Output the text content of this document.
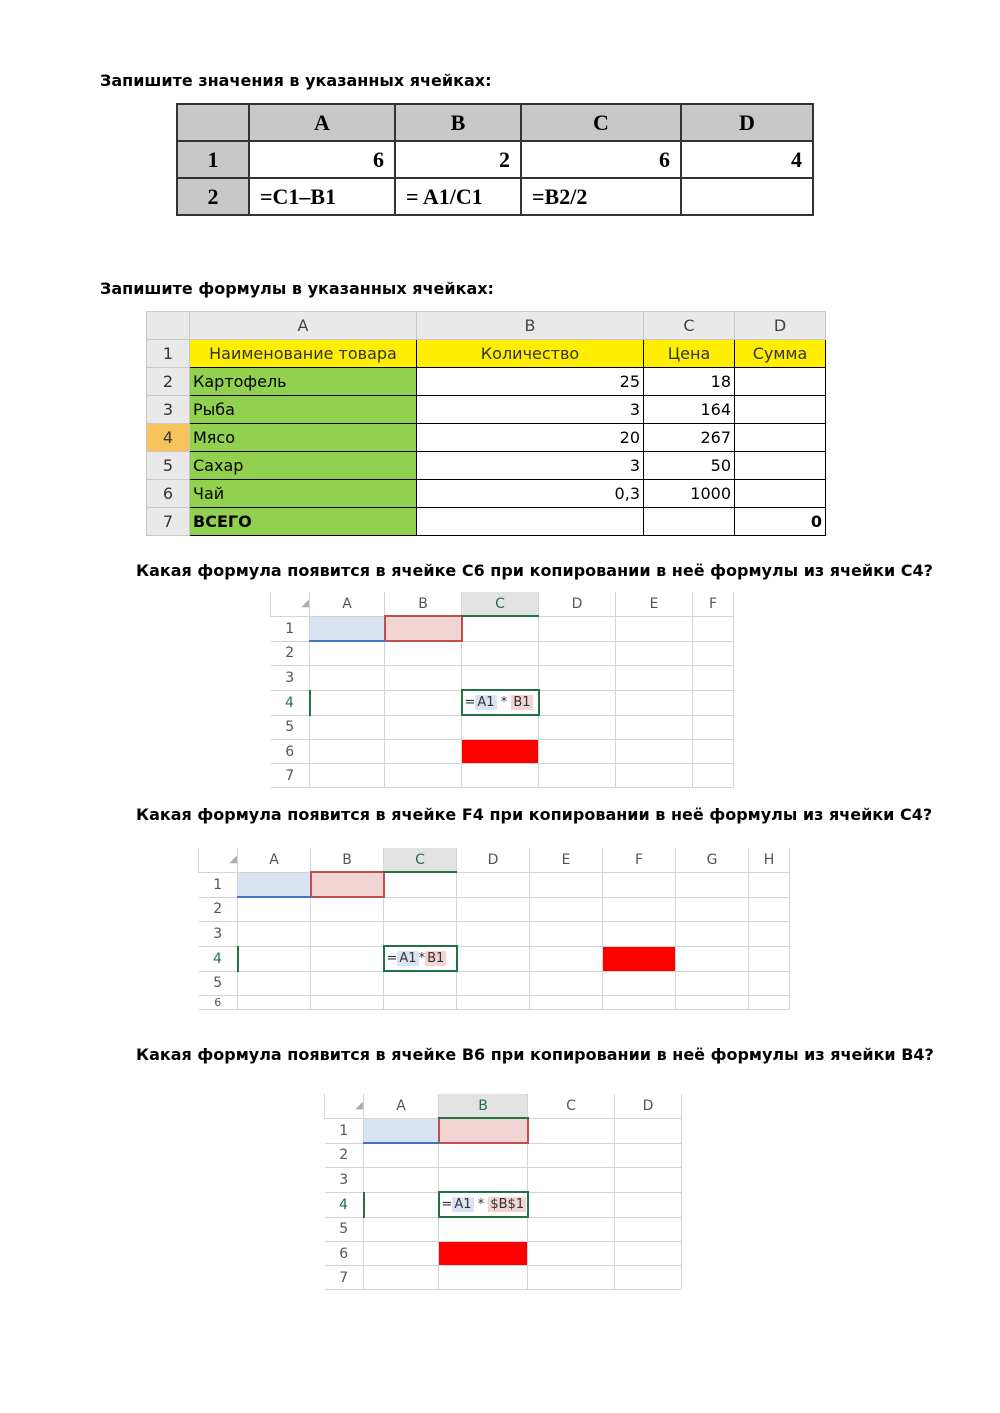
Запишите значения в указанных ячейках:
	A	B	C	D
1	6	2	6	4
2	=C1–B1	= A1/C1	=B2/2	
Запишите формулы в указанных ячейках:
	A	B	C	D
1	Наименование товара	Количество	Цена	Сумма
2	Картофель	25	18	
3	Рыба	3	164	
4	Мясо	20	267	
5	Сахар	3	50	
6	Чай	0,3	1000	
7	ВСЕГО			0
Какая формула появится в ячейке С6 при копировании в неё формулы из ячейки С4?
◢	A	B	C	D	E	F
1						
2						
3						
4			= A1 * B1			
5						
6						
7						
Какая формула появится в ячейке F4 при копировании в неё формулы из ячейки С4?
◢	A	B	C	D	E	F	G	H
1								
2								
3								
4			= A1 * B1					
5								
6								
Какая формула появится в ячейке В6 при копировании в неё формулы из ячейки В4?
◢	A	B	C	D
1				
2				
3				
4		= A1 * $B$1		
5				
6				
7				
